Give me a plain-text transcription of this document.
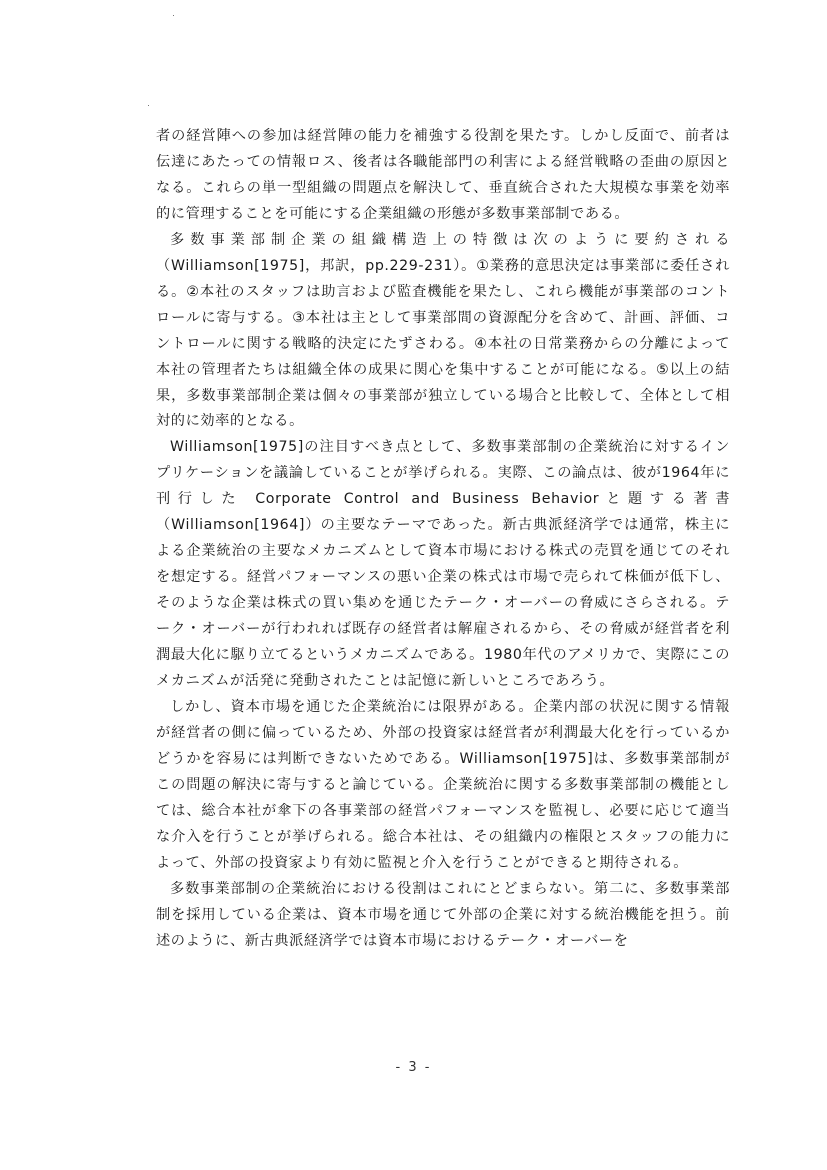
者の経営陣への参加は経営陣の能力を補強する役割を果たす。しかし反面で、前者は伝達にあたっての情報ロス、後者は各職能部門の利害による経営戦略の歪曲の原因となる。これらの単一型組織の問題点を解決して、垂直統合された大規模な事業を効率的に管理することを可能にする企業組織の形態が多数事業部制である。

多数事業部制企業の組織構造上の特徴は次のように要約される（Williamson[1975]，邦訳，pp.229-231）。①業務的意思決定は事業部に委任される。②本社のスタッフは助言および監査機能を果たし、これら機能が事業部のコントロールに寄与する。③本社は主として事業部間の資源配分を含めて、計画、評価、コントロールに関する戦略的決定にたずさわる。④本社の日常業務からの分離によって本社の管理者たちは組織全体の成果に関心を集中することが可能になる。⑤以上の結果，多数事業部制企業は個々の事業部が独立している場合と比較して、全体として相対的に効率的となる。

Williamson[1975]の注目すべき点として、多数事業部制の企業統治に対するインプリケーションを議論していることが挙げられる。実際、この論点は、彼が1964年に刊行した Corporate Control and Business Behaviorと題する著書（Williamson[1964]）の主要なテーマであった。新古典派経済学では通常，株主による企業統治の主要なメカニズムとして資本市場における株式の売買を通じてのそれを想定する。経営パフォーマンスの悪い企業の株式は市場で売られて株価が低下し、そのような企業は株式の買い集めを通じたテーク・オーバーの脅威にさらされる。テーク・オーバーが行われれば既存の経営者は解雇されるから、その脅威が経営者を利潤最大化に駆り立てるというメカニズムである。1980年代のアメリカで、実際にこのメカニズムが活発に発動されたことは記憶に新しいところであろう。

しかし、資本市場を通じた企業統治には限界がある。企業内部の状況に関する情報が経営者の側に偏っているため、外部の投資家は経営者が利潤最大化を行っているかどうかを容易には判断できないためである。Williamson[1975]は、多数事業部制がこの問題の解決に寄与すると論じている。企業統治に関する多数事業部制の機能としては、総合本社が傘下の各事業部の経営パフォーマンスを監視し、必要に応じて適当な介入を行うことが挙げられる。総合本社は、その組織内の権限とスタッフの能力によって、外部の投資家より有効に監視と介入を行うことができると期待される。

多数事業部制の企業統治における役割はこれにとどまらない。第二に、多数事業部制を採用している企業は、資本市場を通じて外部の企業に対する統治機能を担う。前述のように、新古典派経済学では資本市場におけるテーク・オーバーを

- 3 -
